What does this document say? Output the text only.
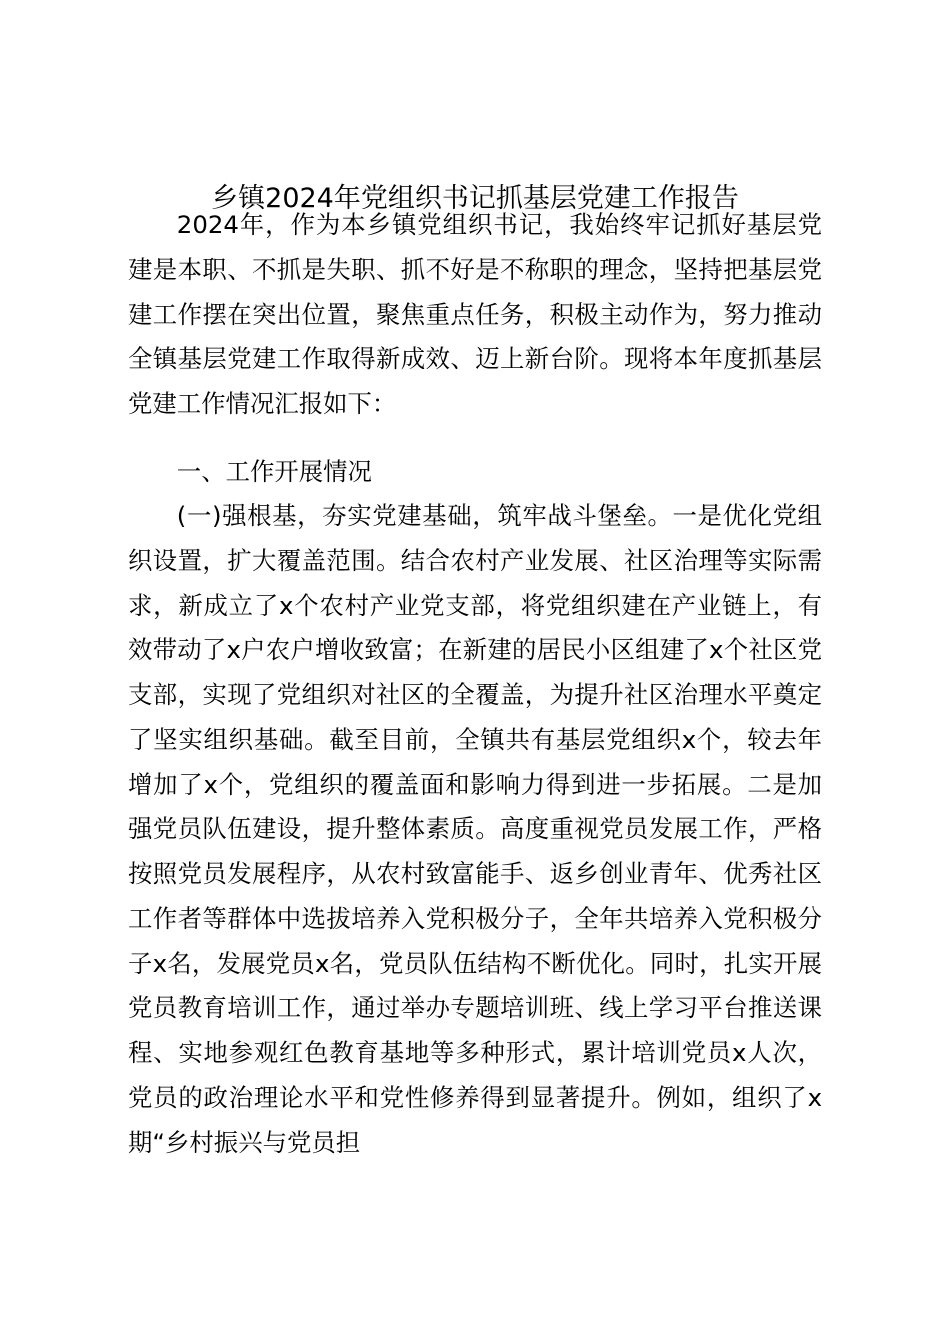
乡镇2024年党组织书记抓基层党建工作报告

2024年，作为本乡镇党组织书记，我始终牢记抓好基层党建是本职、不抓是失职、抓不好是不称职的理念，坚持把基层党建工作摆在突出位置，聚焦重点任务，积极主动作为，努力推动全镇基层党建工作取得新成效、迈上新台阶。现将本年度抓基层党建工作情况汇报如下：

一、工作开展情况

(一)强根基，夯实党建基础，筑牢战斗堡垒。一是优化党组织设置，扩大覆盖范围。结合农村产业发展、社区治理等实际需求，新成立了x个农村产业党支部，将党组织建在产业链上，有效带动了x户农户增收致富；在新建的居民小区组建了x个社区党支部，实现了党组织对社区的全覆盖，为提升社区治理水平奠定了坚实组织基础。截至目前，全镇共有基层党组织x个，较去年增加了x个，党组织的覆盖面和影响力得到进一步拓展。二是加强党员队伍建设，提升整体素质。高度重视党员发展工作，严格按照党员发展程序，从农村致富能手、返乡创业青年、优秀社区工作者等群体中选拔培养入党积极分子，全年共培养入党积极分子x名，发展党员x名，党员队伍结构不断优化。同时，扎实开展党员教育培训工作，通过举办专题培训班、线上学习平台推送课程、实地参观红色教育基地等多种形式，累计培训党员x人次，党员的政治理论水平和党性修养得到显著提升。例如，组织了x期“乡村振兴与党员担
